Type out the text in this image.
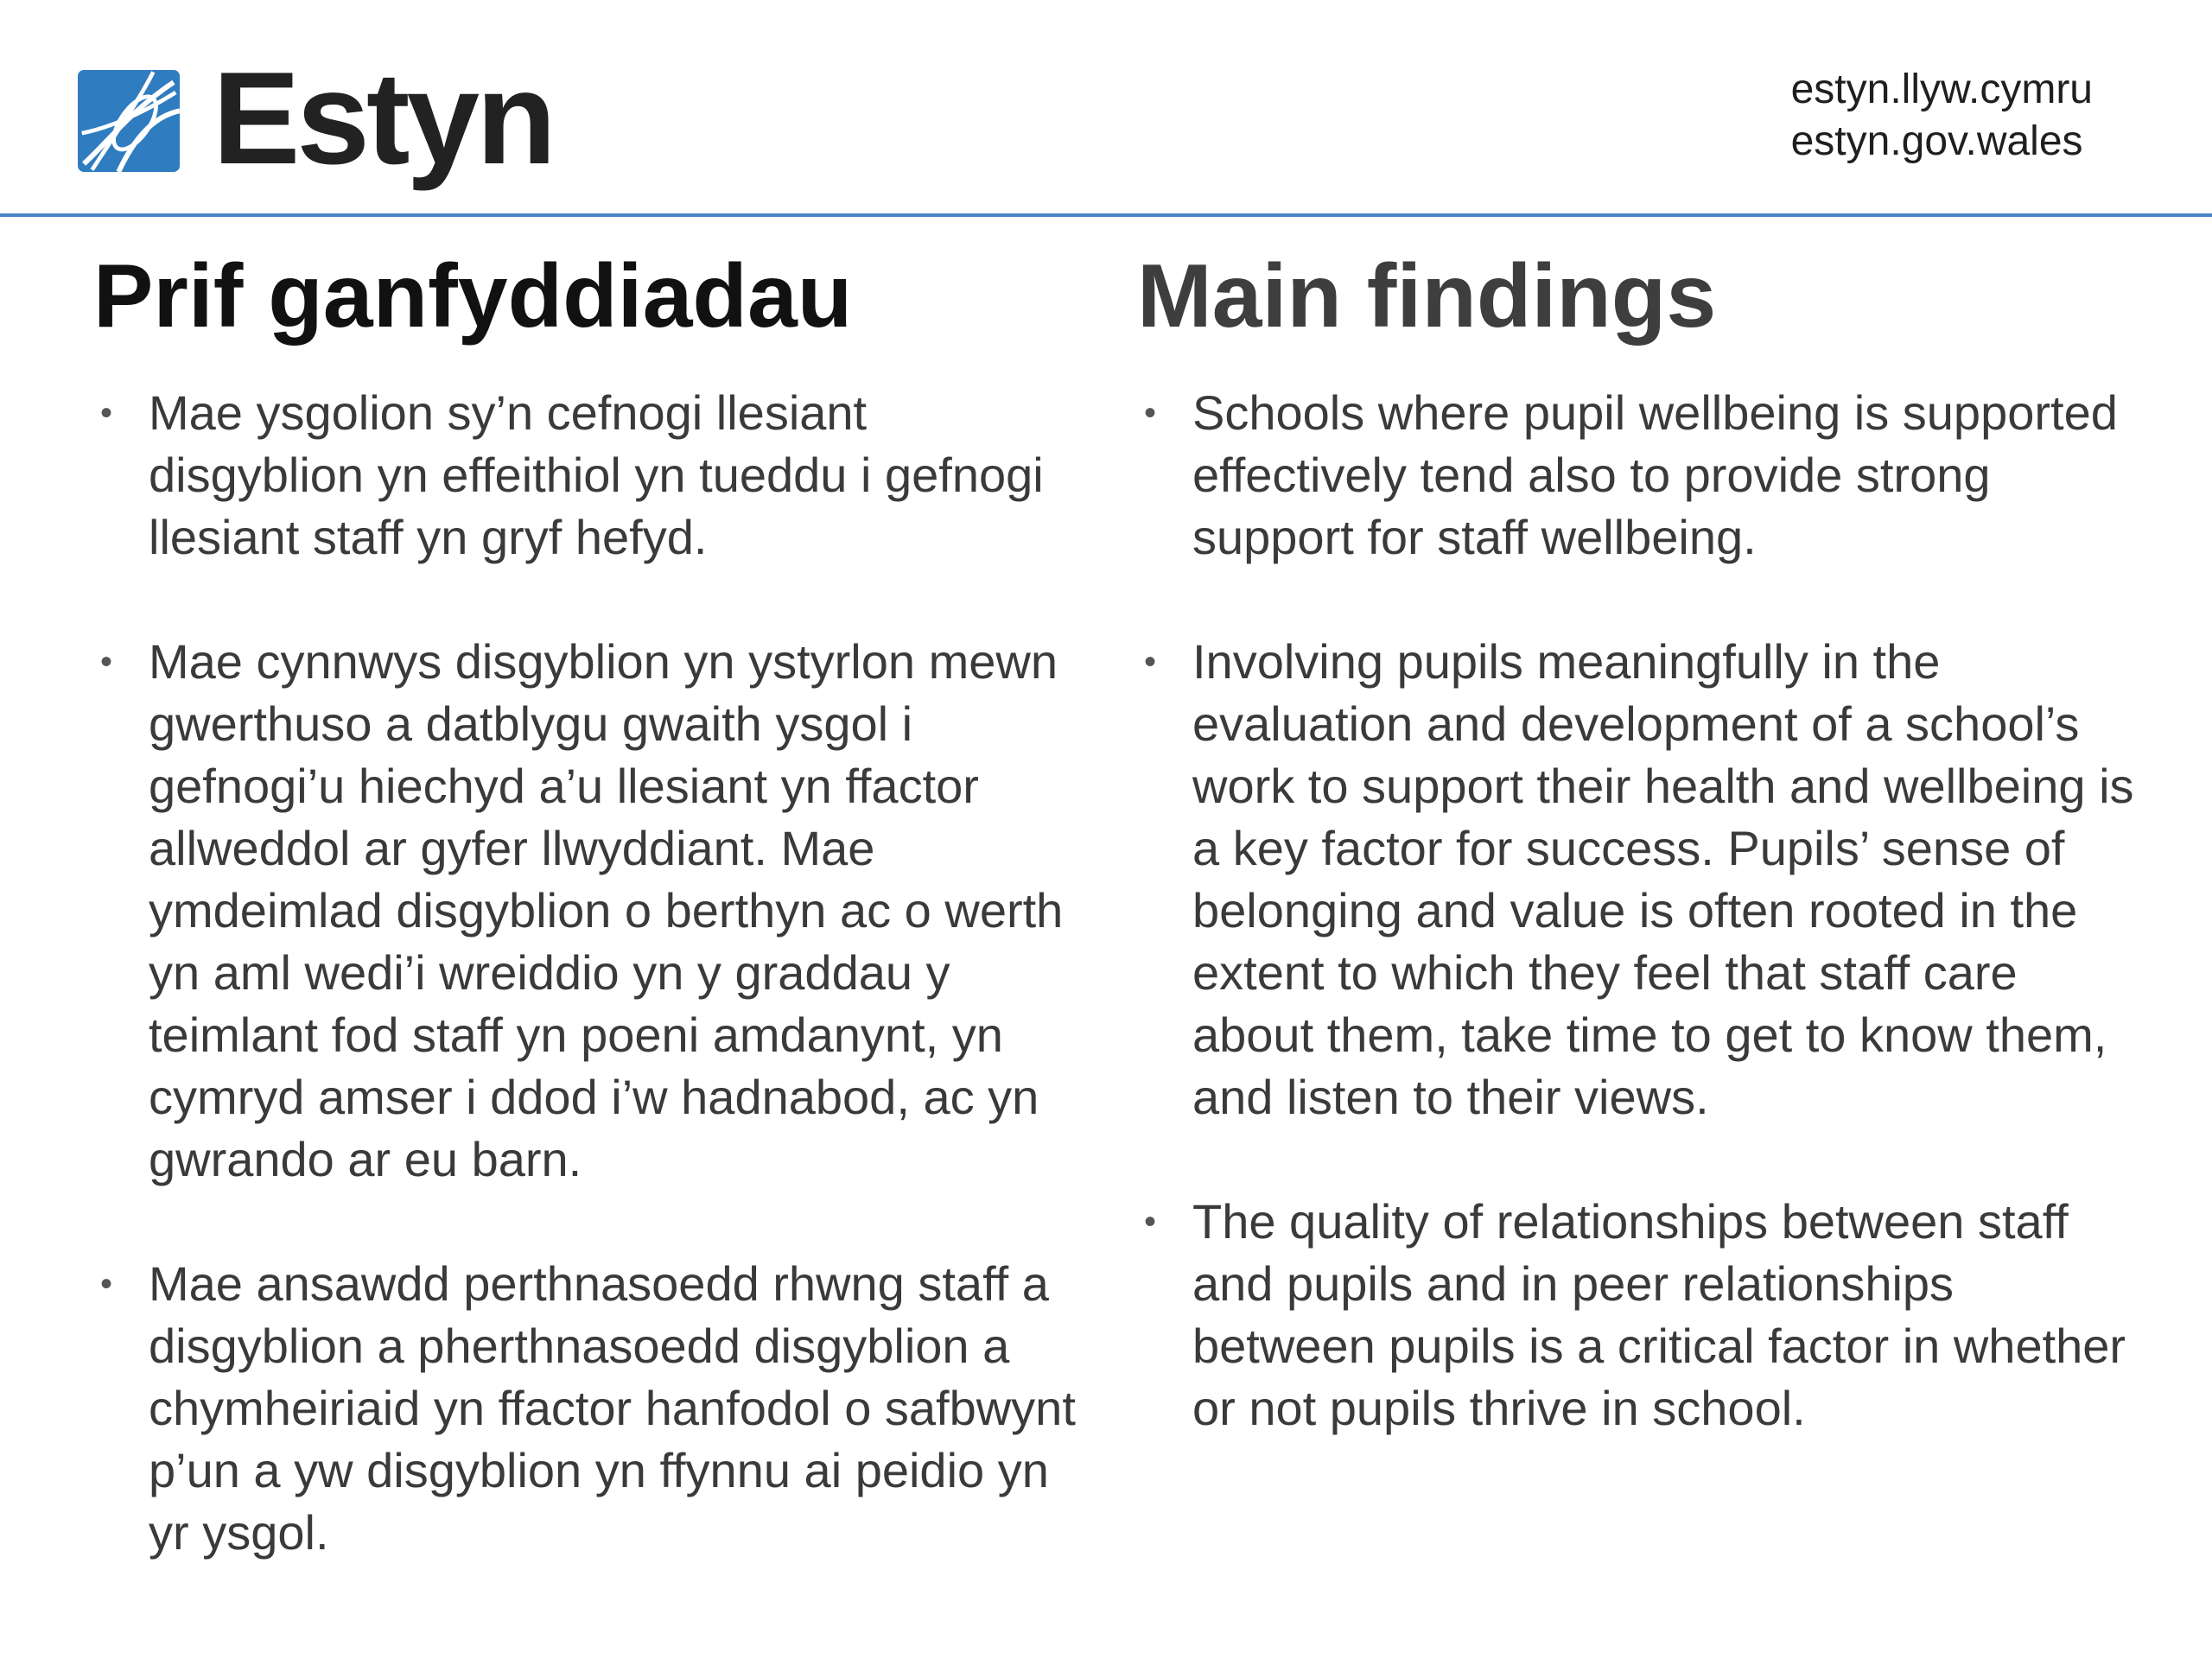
Estyn	estyn.llyw.cymru
estyn.gov.wales
Prif ganfyddiadau
• Mae ysgolion sy’n cefnogi llesiant disgyblion yn effeithiol yn tueddu i gefnogi llesiant staff yn gryf hefyd.
• Mae cynnwys disgyblion yn ystyrlon mewn gwerthuso a datblygu gwaith ysgol i gefnogi’u hiechyd a’u llesiant yn ffactor allweddol ar gyfer llwyddiant. Mae ymdeimlad disgyblion o berthyn ac o werth yn aml wedi’i wreiddio yn y graddau y teimlant fod staff yn poeni amdanynt, yn cymryd amser i ddod i’w hadnabod, ac yn gwrando ar eu barn.
• Mae ansawdd perthnasoedd rhwng staff a disgyblion a pherthnasoedd disgyblion a chymheiriaid yn ffactor hanfodol o safbwynt p’un a yw disgyblion yn ffynnu ai peidio yn yr ysgol.
Main findings
• Schools where pupil wellbeing is supported effectively tend also to provide strong support for staff wellbeing.
• Involving pupils meaningfully in the evaluation and development of a school’s work to support their health and wellbeing is a key factor for success. Pupils’ sense of belonging and value is often rooted in the extent to which they feel that staff care about them, take time to get to know them, and listen to their views.
• The quality of relationships between staff and pupils and in peer relationships between pupils is a critical factor in whether or not pupils thrive in school.
